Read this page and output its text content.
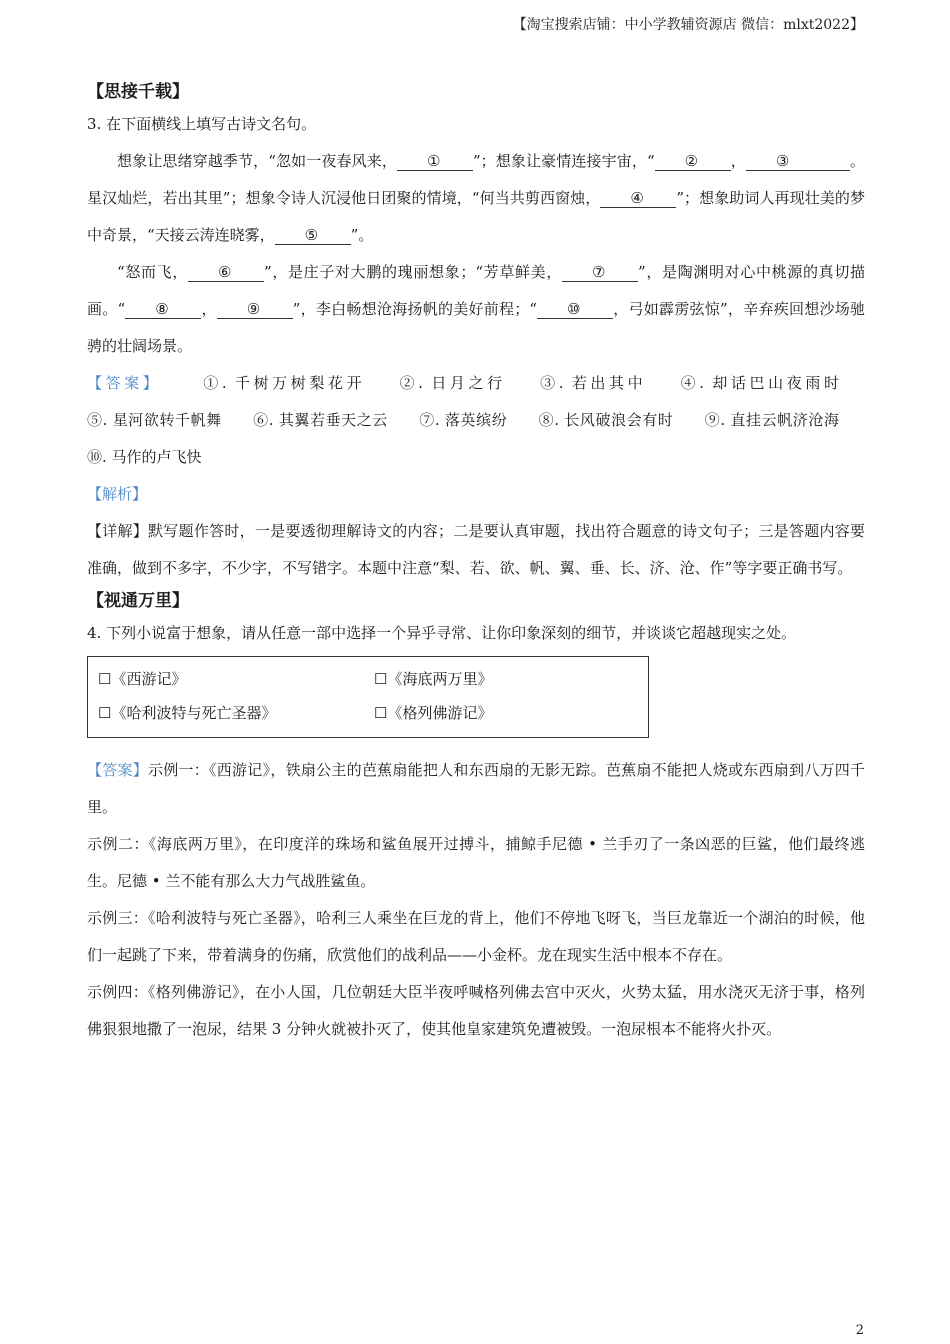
【淘宝搜索店铺：中小学教辅资源店 微信：mlxt2022】

【思接千载】

3. 在下面横线上填写古诗文名句。

想象让思绪穿越季节，“忽如一夜春风来， ① ”；想象让豪情连接宇宙，“ ② ， ③	。星汉灿烂，若出其里”；想象令诗人沉浸他日团聚的情境，“何当共剪西窗烛， ④ ”；想象助词人再现壮美的梦中奇景，“天接云涛连晓雾， ⑤ ”。

“怒而飞， ⑥ ”，是庄子对大鹏的瑰丽想象；“芳草鲜美， ⑦ ”，是陶渊明对心中桃源的真切描画。“ ⑧ ， ⑨ ”，李白畅想沧海扬帆的美好前程；“ ⑩ ，弓如霹雳弦惊”，辛弃疾回想沙场驰骋的壮阔场景。

【答案】	①. 千树万树梨花开 ②. 日月之行 ③. 若出其中 ④. 却话巴山夜雨时 ⑤. 星河欲转千帆舞 ⑥. 其翼若垂天之云 ⑦. 落英缤纷 ⑧. 长风破浪会有时 ⑨. 直挂云帆济沧海 ⑩. 马作的卢飞快

【解析】

【详解】默写题作答时，一是要透彻理解诗文的内容；二是要认真审题，找出符合题意的诗文句子；三是答题内容要准确，做到不多字，不少字，不写错字。本题中注意“梨、若、欲、帆、翼、垂、长、济、沧、作”等字要正确书写。

【视通万里】

4. 下列小说富于想象，请从任意一部中选择一个异乎寻常、让你印象深刻的细节，并谈谈它超越现实之处。

☐《西游记》	☐《海底两万里》
☐《哈利波特与死亡圣器》	☐《格列佛游记》

【答案】示例一：《西游记》，铁扇公主的芭蕉扇能把人和东西扇的无影无踪。芭蕉扇不能把人烧或东西扇到八万四千里。

示例二：《海底两万里》，在印度洋的珠场和鲨鱼展开过搏斗，捕鲸手尼德 • 兰手刃了一条凶恶的巨鲨，他们最终逃生。尼德 • 兰不能有那么大力气战胜鲨鱼。

示例三：《哈利波特与死亡圣器》，哈利三人乘坐在巨龙的背上，他们不停地飞呀飞，当巨龙靠近一个湖泊的时候，他们一起跳了下来，带着满身的伤痛，欣赏他们的战利品——小金杯。龙在现实生活中根本不存在。

示例四：《格列佛游记》，在小人国，几位朝廷大臣半夜呼喊格列佛去宫中灭火，火势太猛，用水浇灭无济于事，格列佛狠狠地撒了一泡尿，结果 3 分钟火就被扑灭了，使其他皇家建筑免遭被毁。一泡尿根本不能将火扑灭。

2
